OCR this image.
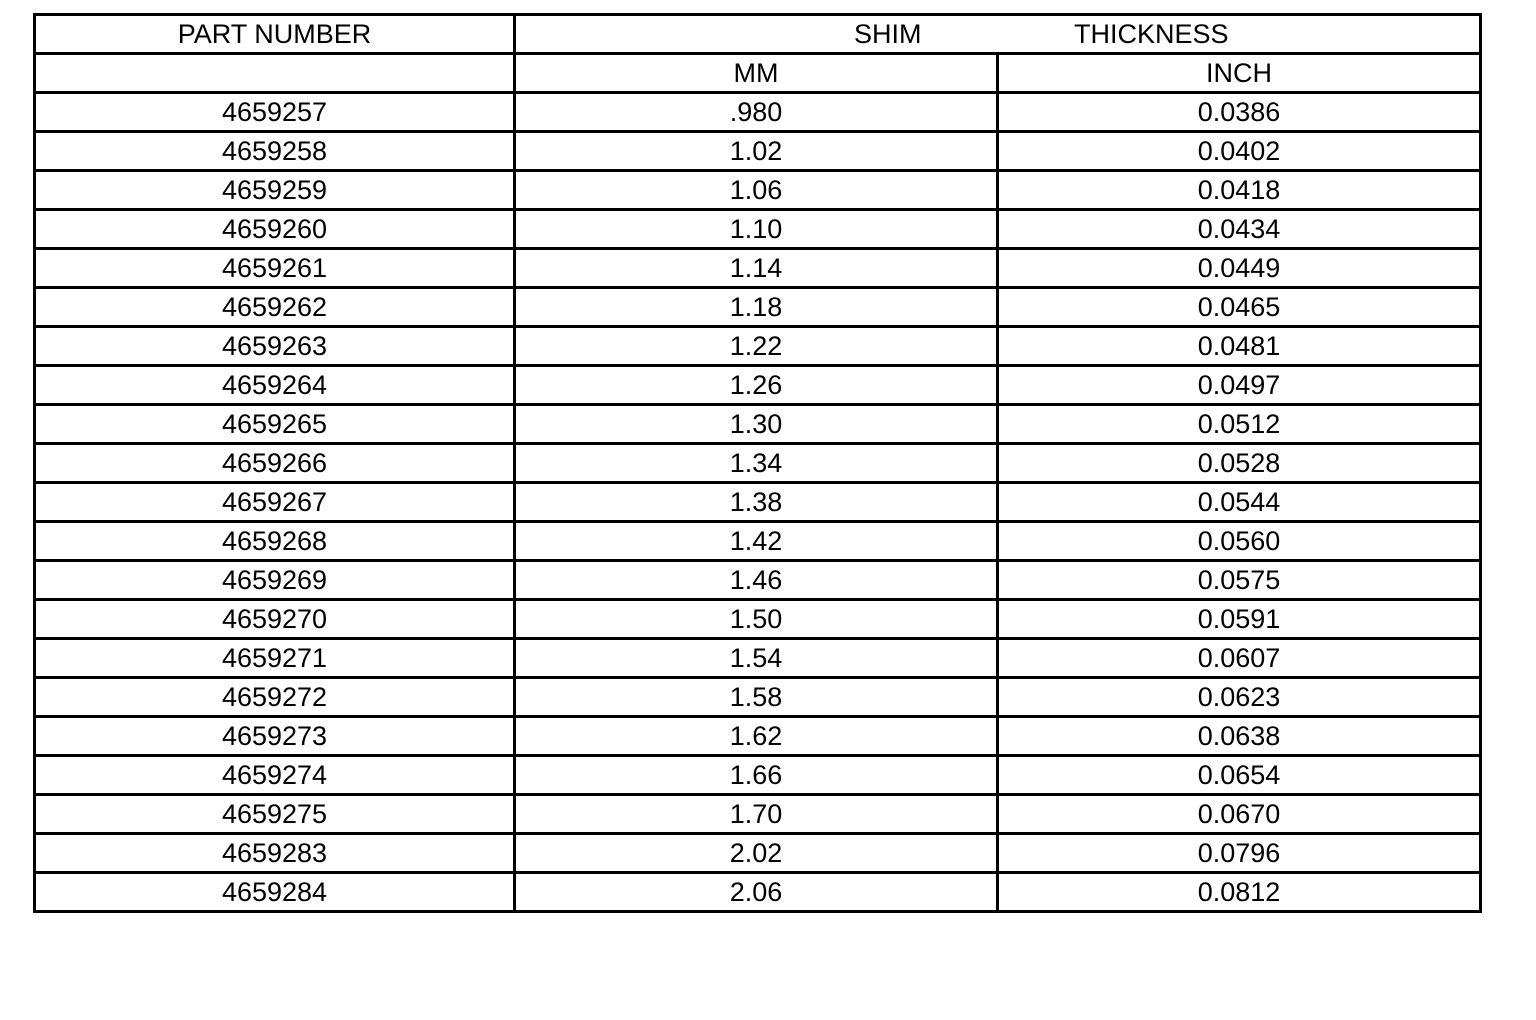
PART NUMBER	SHIM THICKNESS	

	MM	INCH
4659257	.980	0.0386
4659258	1.02	0.0402
4659259	1.06	0.0418
4659260	1.10	0.0434
4659261	1.14	0.0449
4659262	1.18	0.0465
4659263	1.22	0.0481
4659264	1.26	0.0497
4659265	1.30	0.0512
4659266	1.34	0.0528
4659267	1.38	0.0544
4659268	1.42	0.0560
4659269	1.46	0.0575
4659270	1.50	0.0591
4659271	1.54	0.0607
4659272	1.58	0.0623
4659273	1.62	0.0638
4659274	1.66	0.0654
4659275	1.70	0.0670
4659283	2.02	0.0796
4659284	2.06	0.0812
